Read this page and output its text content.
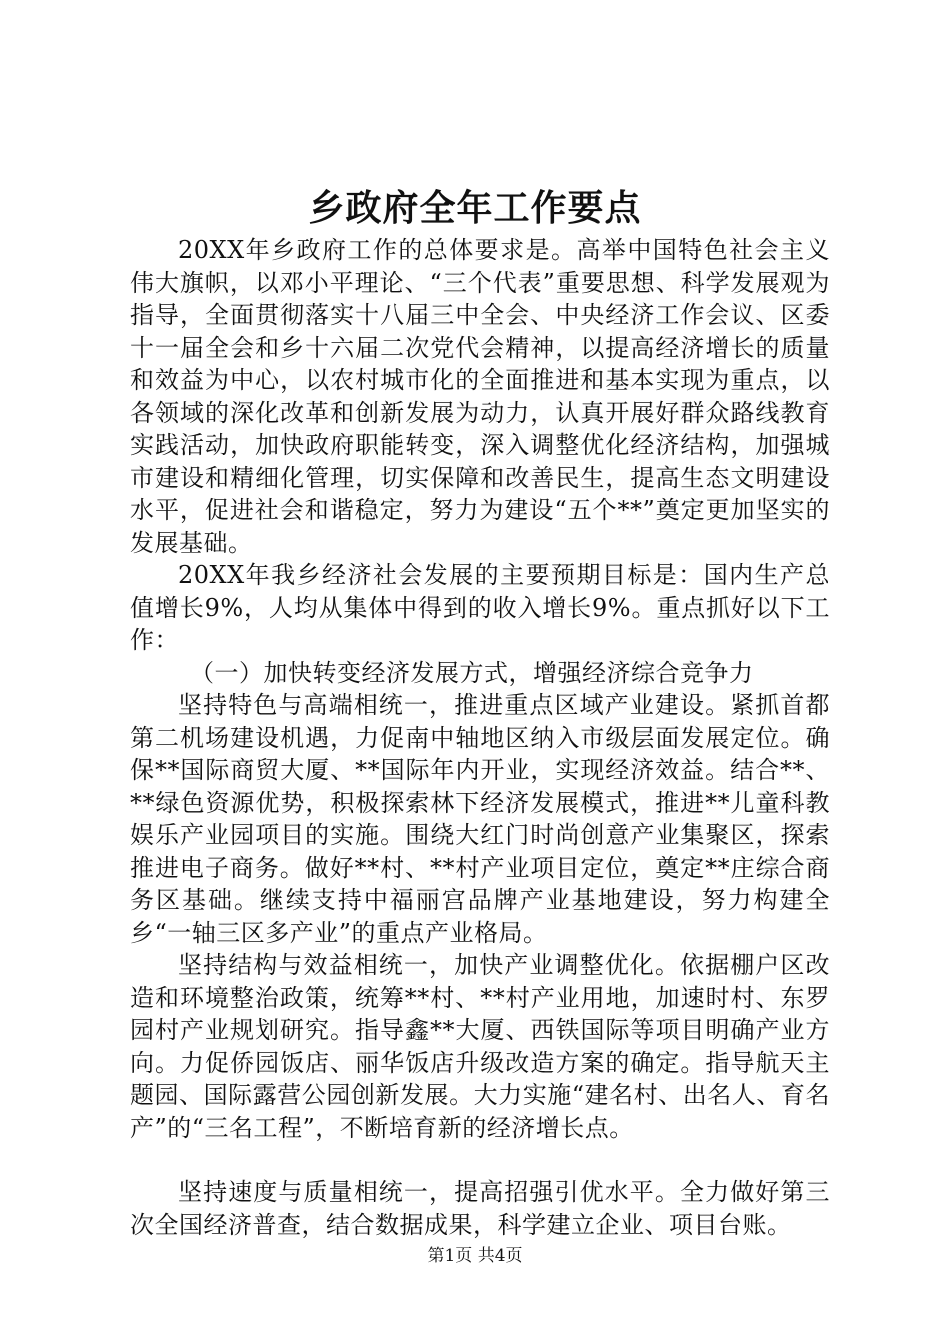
乡政府全年工作要点

20XX年乡政府工作的总体要求是。高举中国特色社会主义伟大旗帜，以邓小平理论、“三个代表”重要思想、科学发展观为指导，全面贯彻落实十八届三中全会、中央经济工作会议、区委十一届全会和乡十六届二次党代会精神，以提高经济增长的质量和效益为中心，以农村城市化的全面推进和基本实现为重点，以各领域的深化改革和创新发展为动力，认真开展好群众路线教育实践活动，加快政府职能转变，深入调整优化经济结构，加强城市建设和精细化管理，切实保障和改善民生，提高生态文明建设水平，促进社会和谐稳定，努力为建设“五个**”奠定更加坚实的发展基础。

20XX年我乡经济社会发展的主要预期目标是：国内生产总值增长9%，人均从集体中得到的收入增长9%。重点抓好以下工作：

（一）加快转变经济发展方式，增强经济综合竞争力

坚持特色与高端相统一，推进重点区域产业建设。紧抓首都第二机场建设机遇，力促南中轴地区纳入市级层面发展定位。确保**国际商贸大厦、**国际年内开业，实现经济效益。结合**、**绿色资源优势，积极探索林下经济发展模式，推进**儿童科教娱乐产业园项目的实施。围绕大红门时尚创意产业集聚区，探索推进电子商务。做好**村、**村产业项目定位，奠定**庄综合商务区基础。继续支持中福丽宫品牌产业基地建设，努力构建全乡“一轴三区多产业”的重点产业格局。

坚持结构与效益相统一，加快产业调整优化。依据棚户区改造和环境整治政策，统筹**村、**村产业用地，加速时村、东罗园村产业规划研究。指导鑫**大厦、西铁国际等项目明确产业方向。力促侨园饭店、丽华饭店升级改造方案的确定。指导航天主题园、国际露营公园创新发展。大力实施“建名村、出名人、育名产”的“三名工程”，不断培育新的经济增长点。

坚持速度与质量相统一，提高招强引优水平。全力做好第三次全国经济普查，结合数据成果，科学建立企业、项目台账。

第1页 共4页
